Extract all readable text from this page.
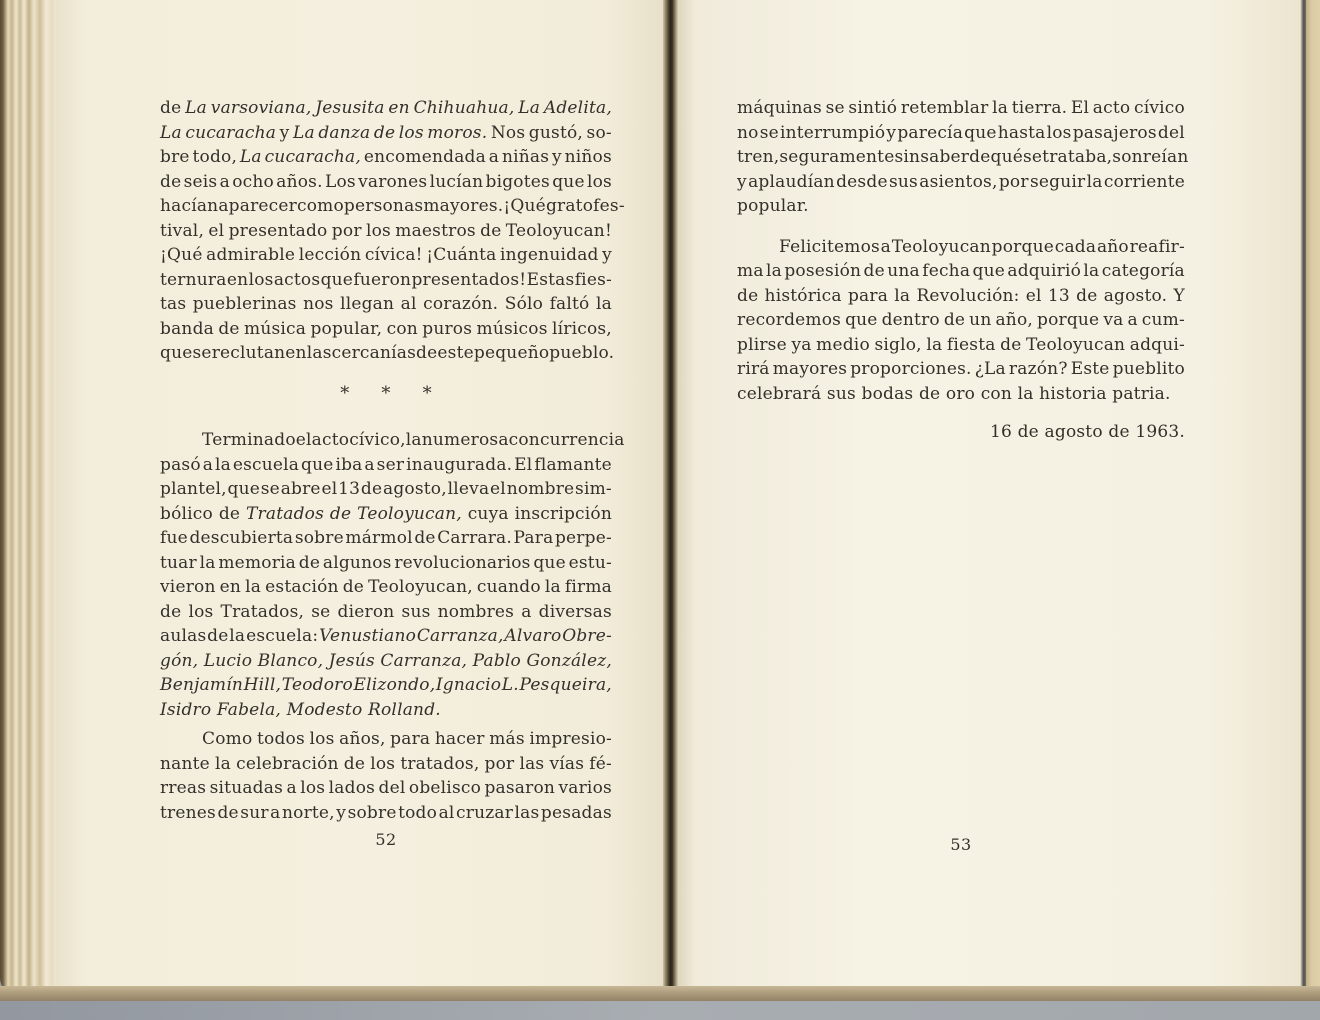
de La varsoviana, Jesusita en Chihuahua, La Adelita,
La cucaracha y La danza de los moros. Nos gustó, so-
bre todo, La cucaracha, encomendada a niñas y niños
de seis a ocho años. Los varones lucían bigotes que los
hacían aparecer como personas mayores. ¡Qué grato fes-
tival, el presentado por los maestros de Teoloyucan!
¡Qué admirable lección cívica! ¡Cuánta ingenuidad y
ternura en los actos que fueron presentados! Estas fies-
tas pueblerinas nos llegan al corazón. Sólo faltó la
banda de música popular, con puros músicos líricos,
que se reclutan en las cercanías de este pequeño pueblo.
* * *
Terminado el acto cívico, la numerosa concurrencia
pasó a la escuela que iba a ser inaugurada. El flamante
plantel, que se abre el 13 de agosto, lleva el nombre sim-
bólico de Tratados de Teoloyucan, cuya inscripción
fue descubierta sobre mármol de Carrara. Para perpe-
tuar la memoria de algunos revolucionarios que estu-
vieron en la estación de Teoloyucan, cuando la firma
de los Tratados, se dieron sus nombres a diversas
aulas de la escuela: Venustiano Carranza, Alvaro Obre-
gón, Lucio Blanco, Jesús Carranza, Pablo González,
Benjamín Hill, Teodoro Elizondo, Ignacio L. Pesqueira,
Isidro Fabela, Modesto Rolland.
Como todos los años, para hacer más impresio-
nante la celebración de los tratados, por las vías fé-
rreas situadas a los lados del obelisco pasaron varios
trenes de sur a norte, y sobre todo al cruzar las pesadas
máquinas se sintió retemblar la tierra. El acto cívico
no se interrumpió y parecía que hasta los pasajeros del
tren, seguramente sin saber de qué se trataba, sonreían
y aplaudían desde sus asientos, por seguir la corriente
popular.
Felicitemos a Teoloyucan porque cada año reafir-
ma la posesión de una fecha que adquirió la categoría
de histórica para la Revolución: el 13 de agosto. Y
recordemos que dentro de un año, porque va a cum-
plirse ya medio siglo, la fiesta de Teoloyucan adqui-
rirá mayores proporciones. ¿La razón? Este pueblito
celebrará sus bodas de oro con la historia patria.
16 de agosto de 1963.
52	53
